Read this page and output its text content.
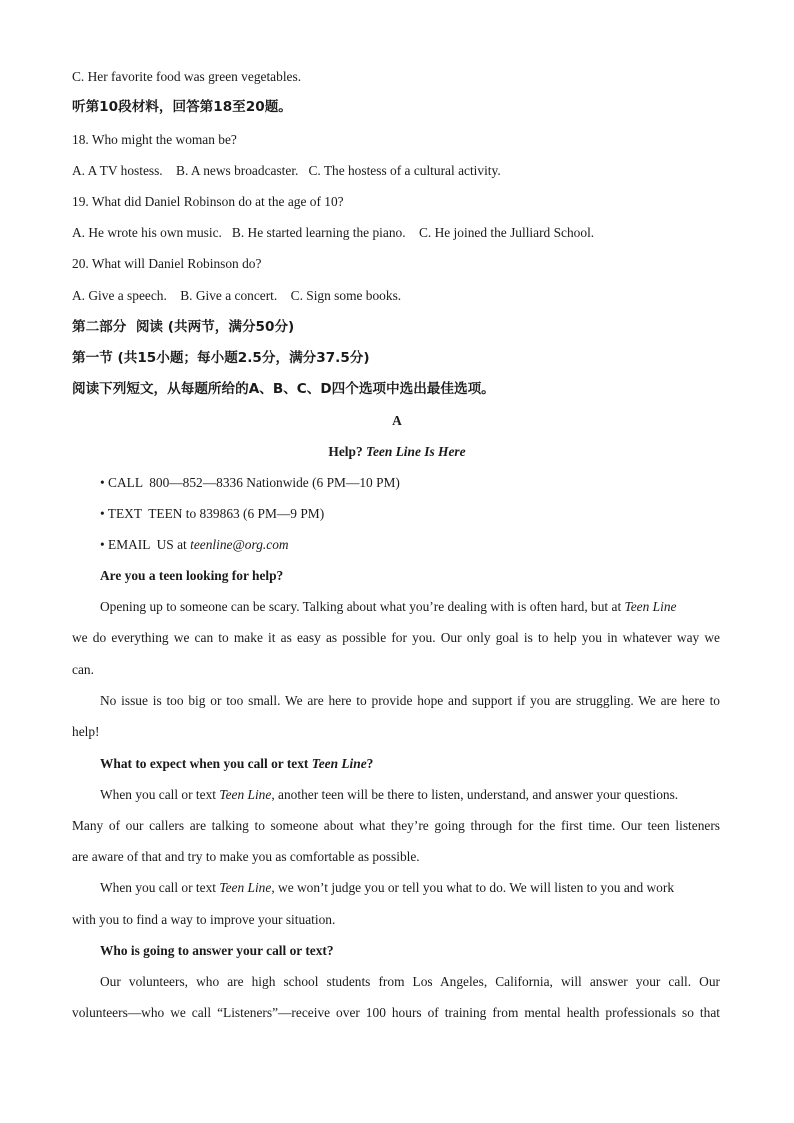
C. Her favorite food was green vegetables.
听第10段材料，回答第18至20题。
18. Who might the woman be?
A. A TV hostess.    B. A news broadcaster.   C. The hostess of a cultural activity.
19. What did Daniel Robinson do at the age of 10?
A. He wrote his own music.   B. He started learning the piano.    C. He joined the Julliard School.
20. What will Daniel Robinson do?
A. Give a speech.    B. Give a concert.    C. Sign some books.
第二部分  阅读 (共两节，满分50分)
第一节 (共15小题；每小题2.5分，满分37.5分)
阅读下列短文，从每题所给的A、B、C、D四个选项中选出最佳选项。
A
Help? Teen Line Is Here
• CALL  800—852—8336 Nationwide (6 PM—10 PM)
• TEXT  TEEN to 839863 (6 PM—9 PM)
• EMAIL  US at teenline@org.com
Are you a teen looking for help?
Opening up to someone can be scary. Talking about what you’re dealing with is often hard, but at Teen Line
we do everything we can to make it as easy as possible for you. Our only goal is to help you in whatever way we
can.
No issue is too big or too small. We are here to provide hope and support if you are struggling. We are here to
help!
What to expect when you call or text Teen Line?
When you call or text Teen Line, another teen will be there to listen, understand, and answer your questions.
Many of our callers are talking to someone about what they’re going through for the first time. Our teen listeners
are aware of that and try to make you as comfortable as possible.
When you call or text Teen Line, we won’t judge you or tell you what to do. We will listen to you and work
with you to find a way to improve your situation.
Who is going to answer your call or text?
Our volunteers, who are high school students from Los Angeles, California, will answer your call. Our
volunteers—who we call “Listeners”—receive over 100 hours of training from mental health professionals so that
